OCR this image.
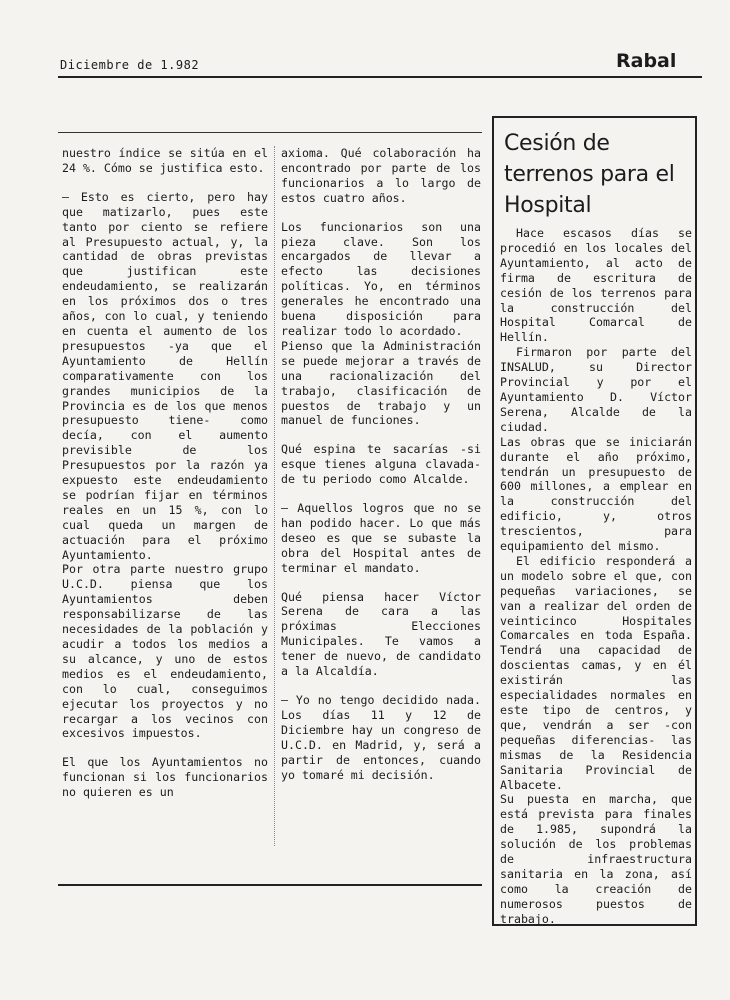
Diciembre de 1.982	Rabal

nuestro índice se sitúa en el 24 %. Cómo se justifica esto.

– Esto es cierto, pero hay que matizarlo, pues este tanto por ciento se refiere al Presupuesto actual, y, la cantidad de obras previstas que justifican este endeudamiento, se realizarán en los próximos dos o tres años, con lo cual, y teniendo en cuenta el aumento de los presupuestos -ya que el Ayuntamiento de Hellín comparativamente con los grandes municipios de la Provincia es de los que menos presupuesto tiene- como decía, con el aumento previsible de los Presupuestos por la razón ya expuesto este endeudamiento se podrían fijar en términos reales en un 15 %, con lo cual queda un margen de actuación para el próximo Ayuntamiento.

Por otra parte nuestro grupo U.C.D. piensa que los Ayuntamientos deben responsabilizarse de las necesidades de la población y acudir a todos los medios a su alcance, y uno de estos medios es el endeudamiento, con lo cual, conseguimos ejecutar los proyectos y no recargar a los vecinos con excesivos impuestos.

El que los Ayuntamientos no funcionan si los funcionarios no quieren es un

axioma. Qué colaboración ha encontrado por parte de los funcionarios a lo largo de estos cuatro años.

Los funcionarios son una pieza clave. Son los encargados de llevar a efecto las decisiones políticas. Yo, en términos generales he encontrado una buena disposición para realizar todo lo acordado.

Pienso que la Administración se puede mejorar a través de una racionalización del trabajo, clasificación de puestos de trabajo y un manuel de funciones.

Qué espina te sacarías -si esque tienes alguna clavada- de tu periodo como Alcalde.

– Aquellos logros que no se han podido hacer. Lo que más deseo es que se subaste la obra del Hospital antes de terminar el mandato.

Qué piensa hacer Víctor Serena de cara a las próximas Elecciones Municipales. Te vamos a tener de nuevo, de candidato a la Alcaldía.

– Yo no tengo decidido nada. Los días 11 y 12 de Diciembre hay un congreso de U.C.D. en Madrid, y, será a partir de entonces, cuando yo tomaré mi decisión.

Cesión de terrenos para el Hospital

Hace escasos días se procedió en los locales del Ayuntamiento, al acto de firma de escritura de cesión de los terrenos para la construcción del Hospital Comarcal de Hellín.

Firmaron por parte del INSALUD, su Director Provincial y por el Ayuntamiento D. Víctor Serena, Alcalde de la ciudad.

Las obras que se iniciarán durante el año próximo, tendrán un presupuesto de 600 millones, a emplear en la construcción del edificio, y, otros trescientos, para equipamiento del mismo.

El edificio responderá a un modelo sobre el que, con pequeñas variaciones, se van a realizar del orden de veinticinco Hospitales Comarcales en toda España. Tendrá una capacidad de doscientas camas, y en él existirán las especialidades normales en este tipo de centros, y que, vendrán a ser -con pequeñas diferencias- las mismas de la Residencia Sanitaria Provincial de Albacete.

Su puesta en marcha, que está prevista para finales de 1.985, supondrá la solución de los problemas de infraestructura sanitaria en la zona, así como la creación de numerosos puestos de trabajo.
